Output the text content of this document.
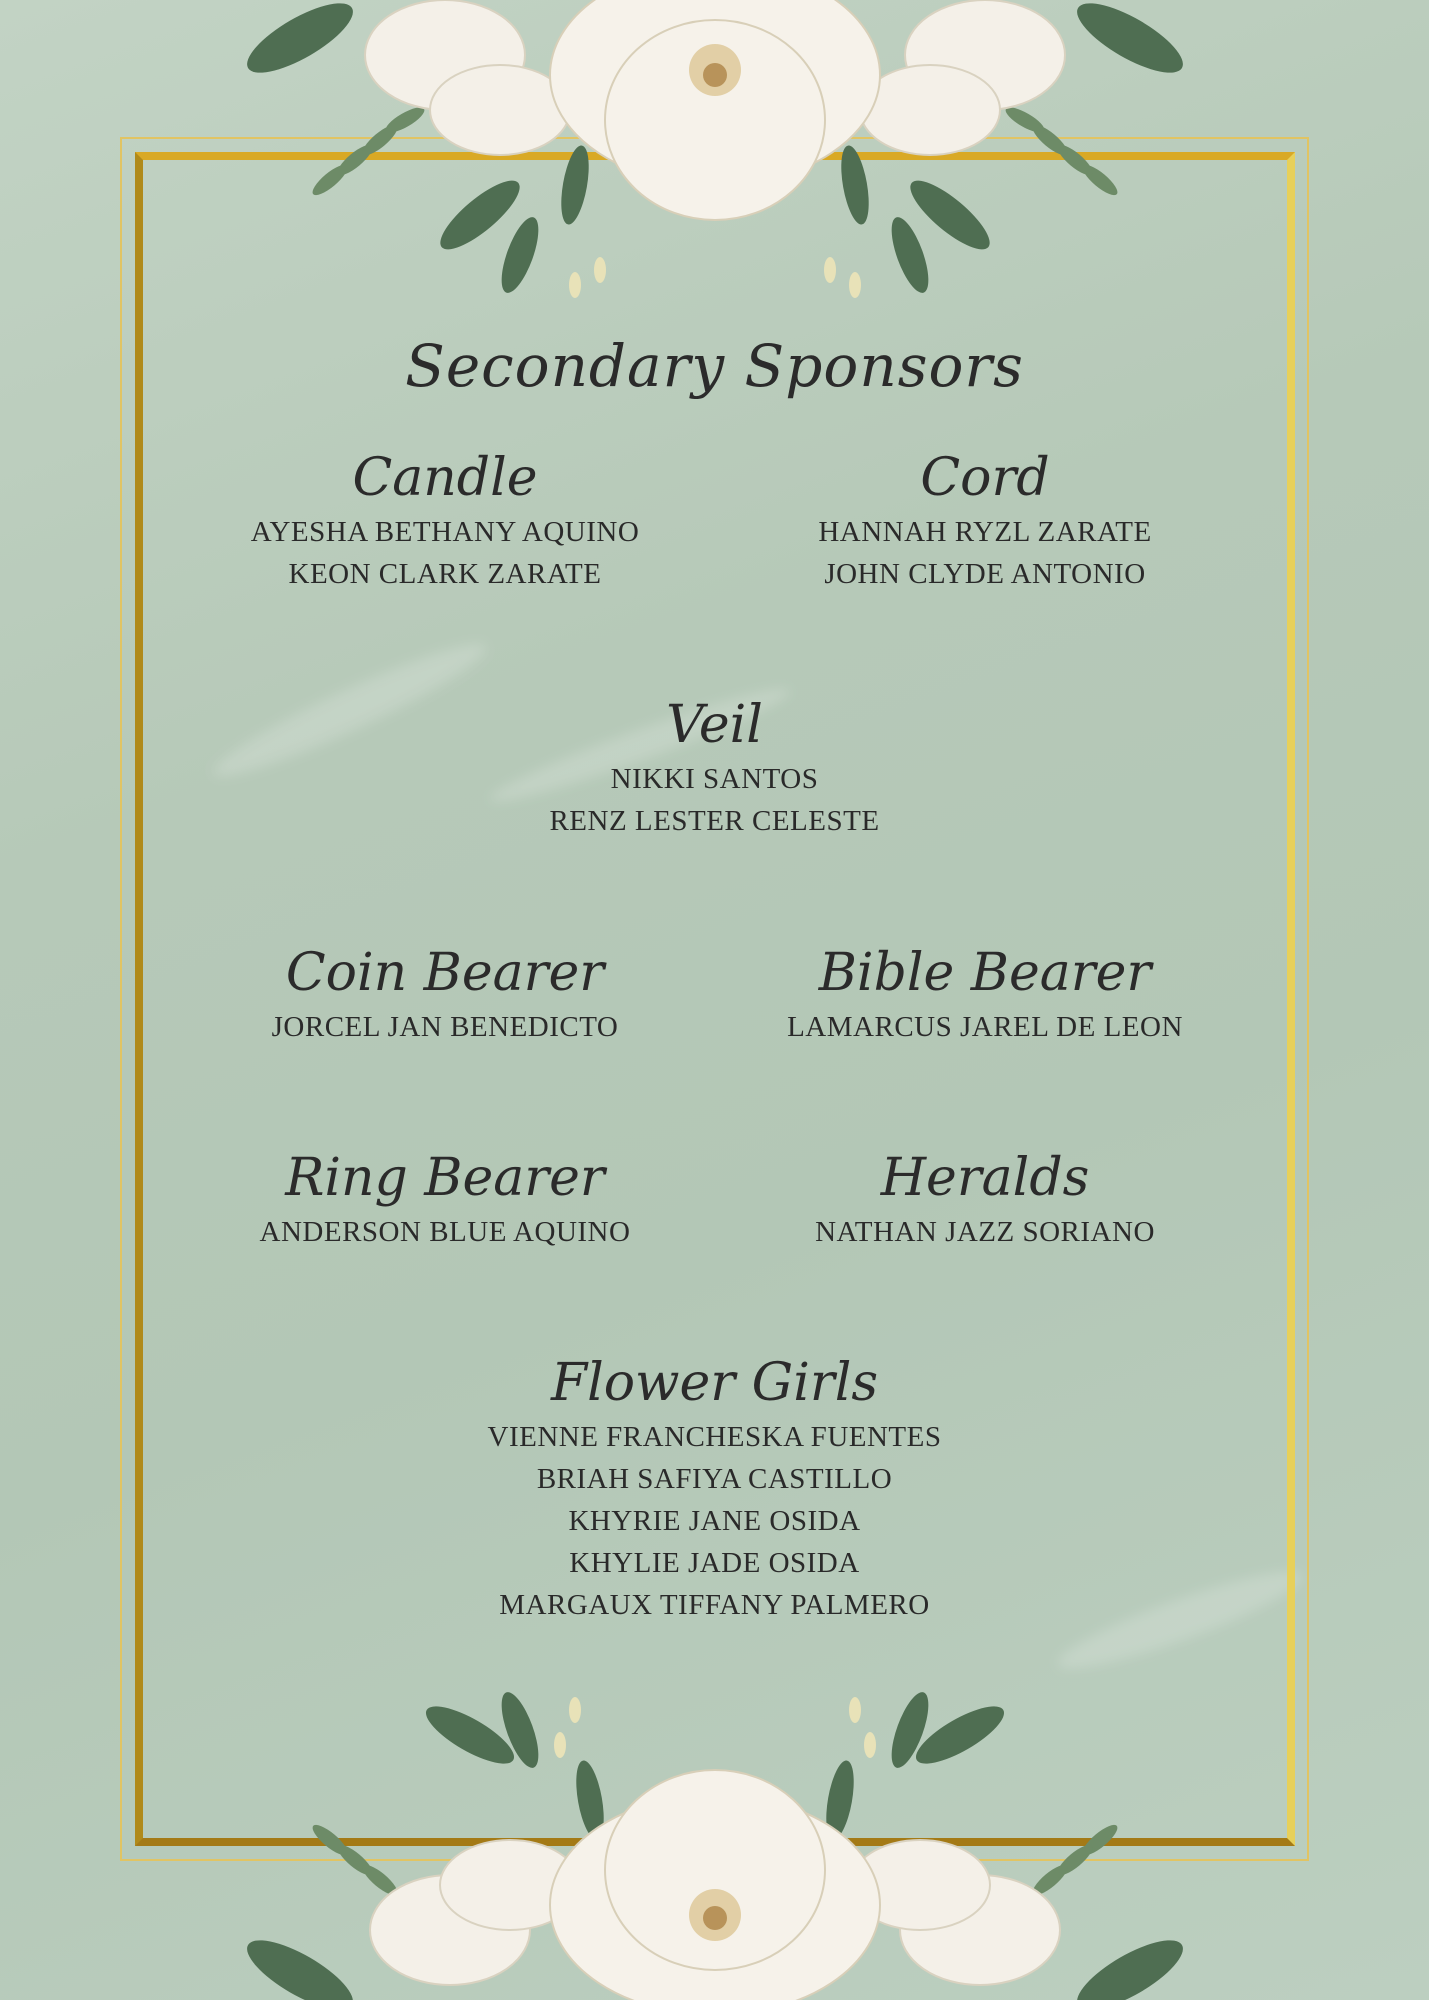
Secondary Sponsors

Candle

AYESHA BETHANY AQUINO

KEON CLARK ZARATE

Cord

HANNAH RYZL ZARATE

JOHN CLYDE ANTONIO

Veil

NIKKI SANTOS

RENZ LESTER CELESTE

Coin Bearer

JORCEL JAN BENEDICTO

Bible Bearer

LAMARCUS JAREL DE LEON

Ring Bearer

ANDERSON BLUE AQUINO

Heralds

NATHAN JAZZ SORIANO

Flower Girls

VIENNE FRANCHESKA FUENTES

BRIAH SAFIYA CASTILLO

KHYRIE JANE OSIDA

KHYLIE JADE OSIDA

MARGAUX TIFFANY PALMERO
